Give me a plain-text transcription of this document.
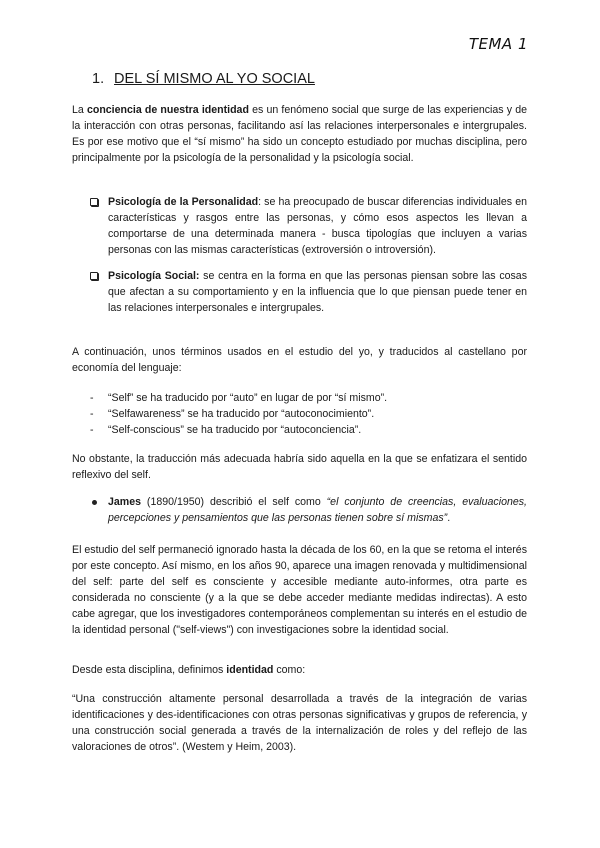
TEMA 1
1. DEL SÍ MISMO AL YO SOCIAL

La conciencia de nuestra identidad es un fenómeno social que surge de las experiencias y de la interacción con otras personas, facilitando así las relaciones interpersonales e intergrupales. Es por ese motivo que el “sí mismo” ha sido un concepto estudiado por muchas disciplina, pero principalmente por la psicología de la personalidad y la psicología social.

Psicología de la Personalidad: se ha preocupado de buscar diferencias individuales en características y rasgos entre las personas, y cómo esos aspectos les llevan a comportarse de una determinada manera - busca tipologías que incluyen a varias personas con las mismas características (extroversión o introversión).
Psicología Social: se centra en la forma en que las personas piensan sobre las cosas que afectan a su comportamiento y en la influencia que lo que piensan puede tener en las relaciones interpersonales e intergrupales.

A continuación, unos términos usados en el estudio del yo, y traducidos al castellano por economía del lenguaje:

- “Self” se ha traducido por “auto” en lugar de por “sí mismo”.
- “Selfawareness” se ha traducido por “autoconocimiento”.
- “Self-conscious” se ha traducido por “autoconciencia”.

No obstante, la traducción más adecuada habría sido aquella en la que se enfatizara el sentido reflexivo del self.

James (1890/1950) describió el self como “el conjunto de creencias, evaluaciones, percepciones y pensamientos que las personas tienen sobre sí mismas”.

El estudio del self permaneció ignorado hasta la década de los 60, en la que se retoma el interés por este concepto. Así mismo, en los años 90, aparece una imagen renovada y multidimensional del self: parte del self es consciente y accesible mediante auto-informes, otra parte es considerada no consciente (y a la que se debe acceder mediante medidas indirectas). A esto cabe agregar, que los investigadores contemporáneos complementan su interés en el estudio de la identidad personal ("self-views") con investigaciones sobre la identidad social.

Desde esta disciplina, definimos identidad como:

“Una construcción altamente personal desarrollada a través de la integración de varias identificaciones y des-identificaciones con otras personas significativas y grupos de referencia, y una construcción social generada a través de la internalización de roles y del reflejo de las valoraciones de otros”. (Westem y Heim, 2003).
